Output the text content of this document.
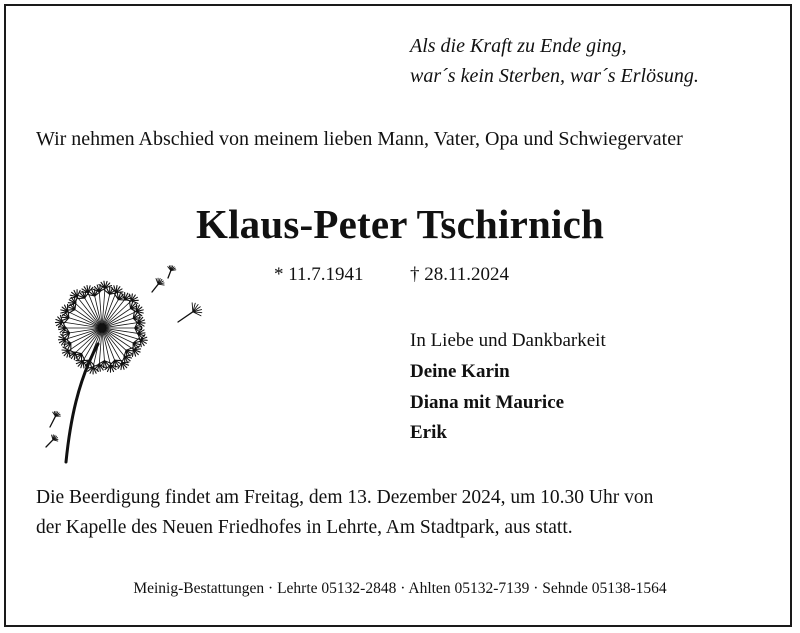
Als die Kraft zu Ende ging,
war´s kein Sterben, war´s Erlösung.
Wir nehmen Abschied von meinem lieben Mann, Vater, Opa und Schwiegervater
Klaus-Peter Tschirnich
* 11.7.1941 † 28.11.2024
In Liebe und Dankbarkeit
Deine Karin
Diana mit Maurice
Erik
Die Beerdigung findet am Freitag, dem 13. Dezember 2024, um 10.30 Uhr von
der Kapelle des Neuen Friedhofes in Lehrte, Am Stadtpark, aus statt.
Meinig-Bestattungen · Lehrte 05132-2848 · Ahlten 05132-7139 · Sehnde 05138-1564
